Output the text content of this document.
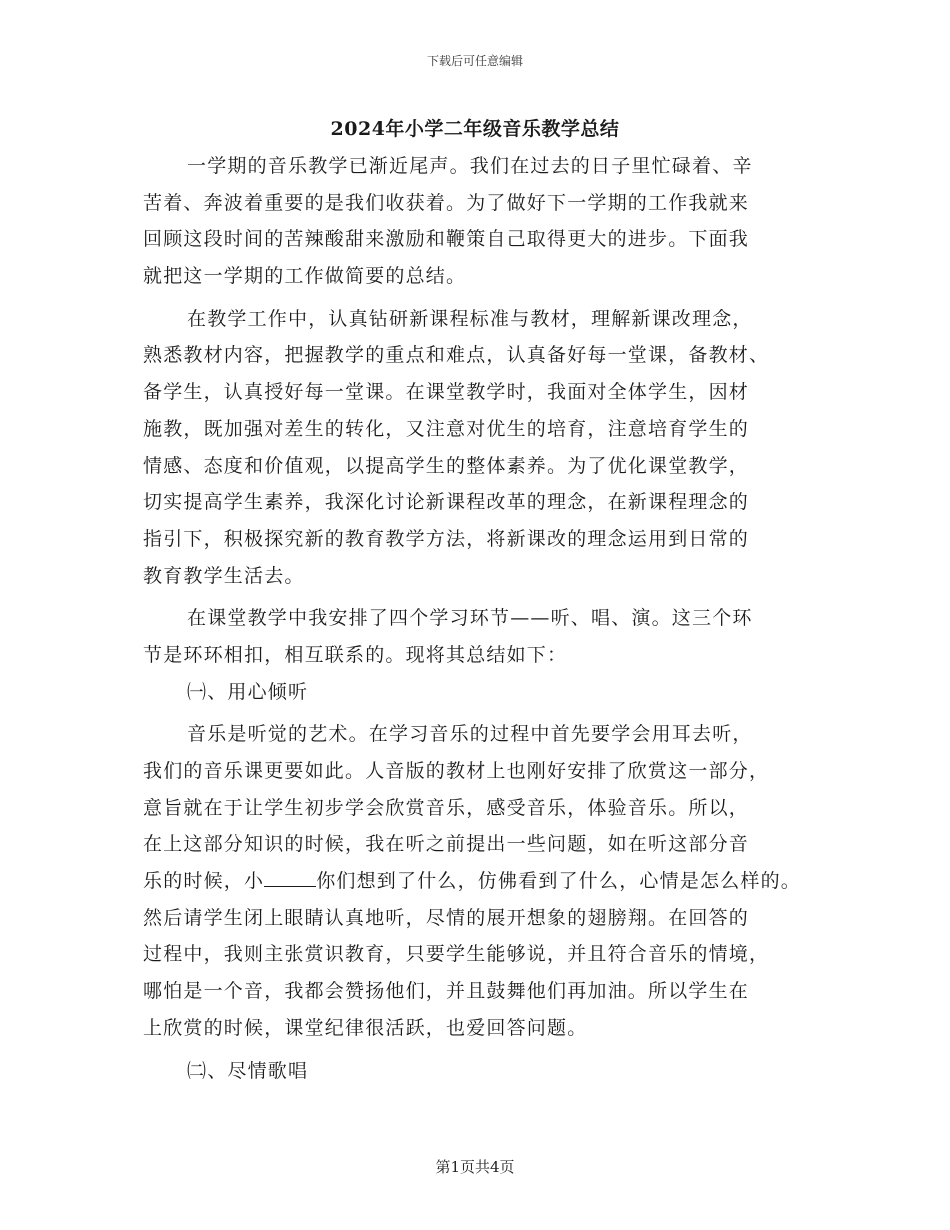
下载后可任意编辑
2024年小学二年级音乐教学总结
一学期的音乐教学已渐近尾声。我们在过去的日子里忙碌着、辛
苦着、奔波着重要的是我们收获着。为了做好下一学期的工作我就来
回顾这段时间的苦辣酸甜来激励和鞭策自己取得更大的进步。下面我
就把这一学期的工作做简要的总结。
在教学工作中，认真钻研新课程标准与教材，理解新课改理念，
熟悉教材内容，把握教学的重点和难点，认真备好每一堂课，备教材、
备学生，认真授好每一堂课。在课堂教学时，我面对全体学生，因材
施教，既加强对差生的转化，又注意对优生的培育，注意培育学生的
情感、态度和价值观，以提高学生的整体素养。为了优化课堂教学，
切实提高学生素养，我深化讨论新课程改革的理念，在新课程理念的
指引下，积极探究新的教育教学方法，将新课改的理念运用到日常的
教育教学生活去。
在课堂教学中我安排了四个学习环节——听、唱、演。这三个环
节是环环相扣，相互联系的。现将其总结如下：
㈠、用心倾听
音乐是听觉的艺术。在学习音乐的过程中首先要学会用耳去听，
我们的音乐课更要如此。人音版的教材上也刚好安排了欣赏这一部分，
意旨就在于让学生初步学会欣赏音乐，感受音乐，体验音乐。所以，
在上这部分知识的时候，我在听之前提出一些问题，如在听这部分音
乐的时候，小	你们想到了什么，仿佛看到了什么，心情是怎么样的。
然后请学生闭上眼睛认真地听，尽情的展开想象的翅膀翔。在回答的
过程中，我则主张赏识教育，只要学生能够说，并且符合音乐的情境，
哪怕是一个音，我都会赞扬他们，并且鼓舞他们再加油。所以学生在
上欣赏的时候，课堂纪律很活跃，也爱回答问题。
㈡、尽情歌唱
第1页共4页
